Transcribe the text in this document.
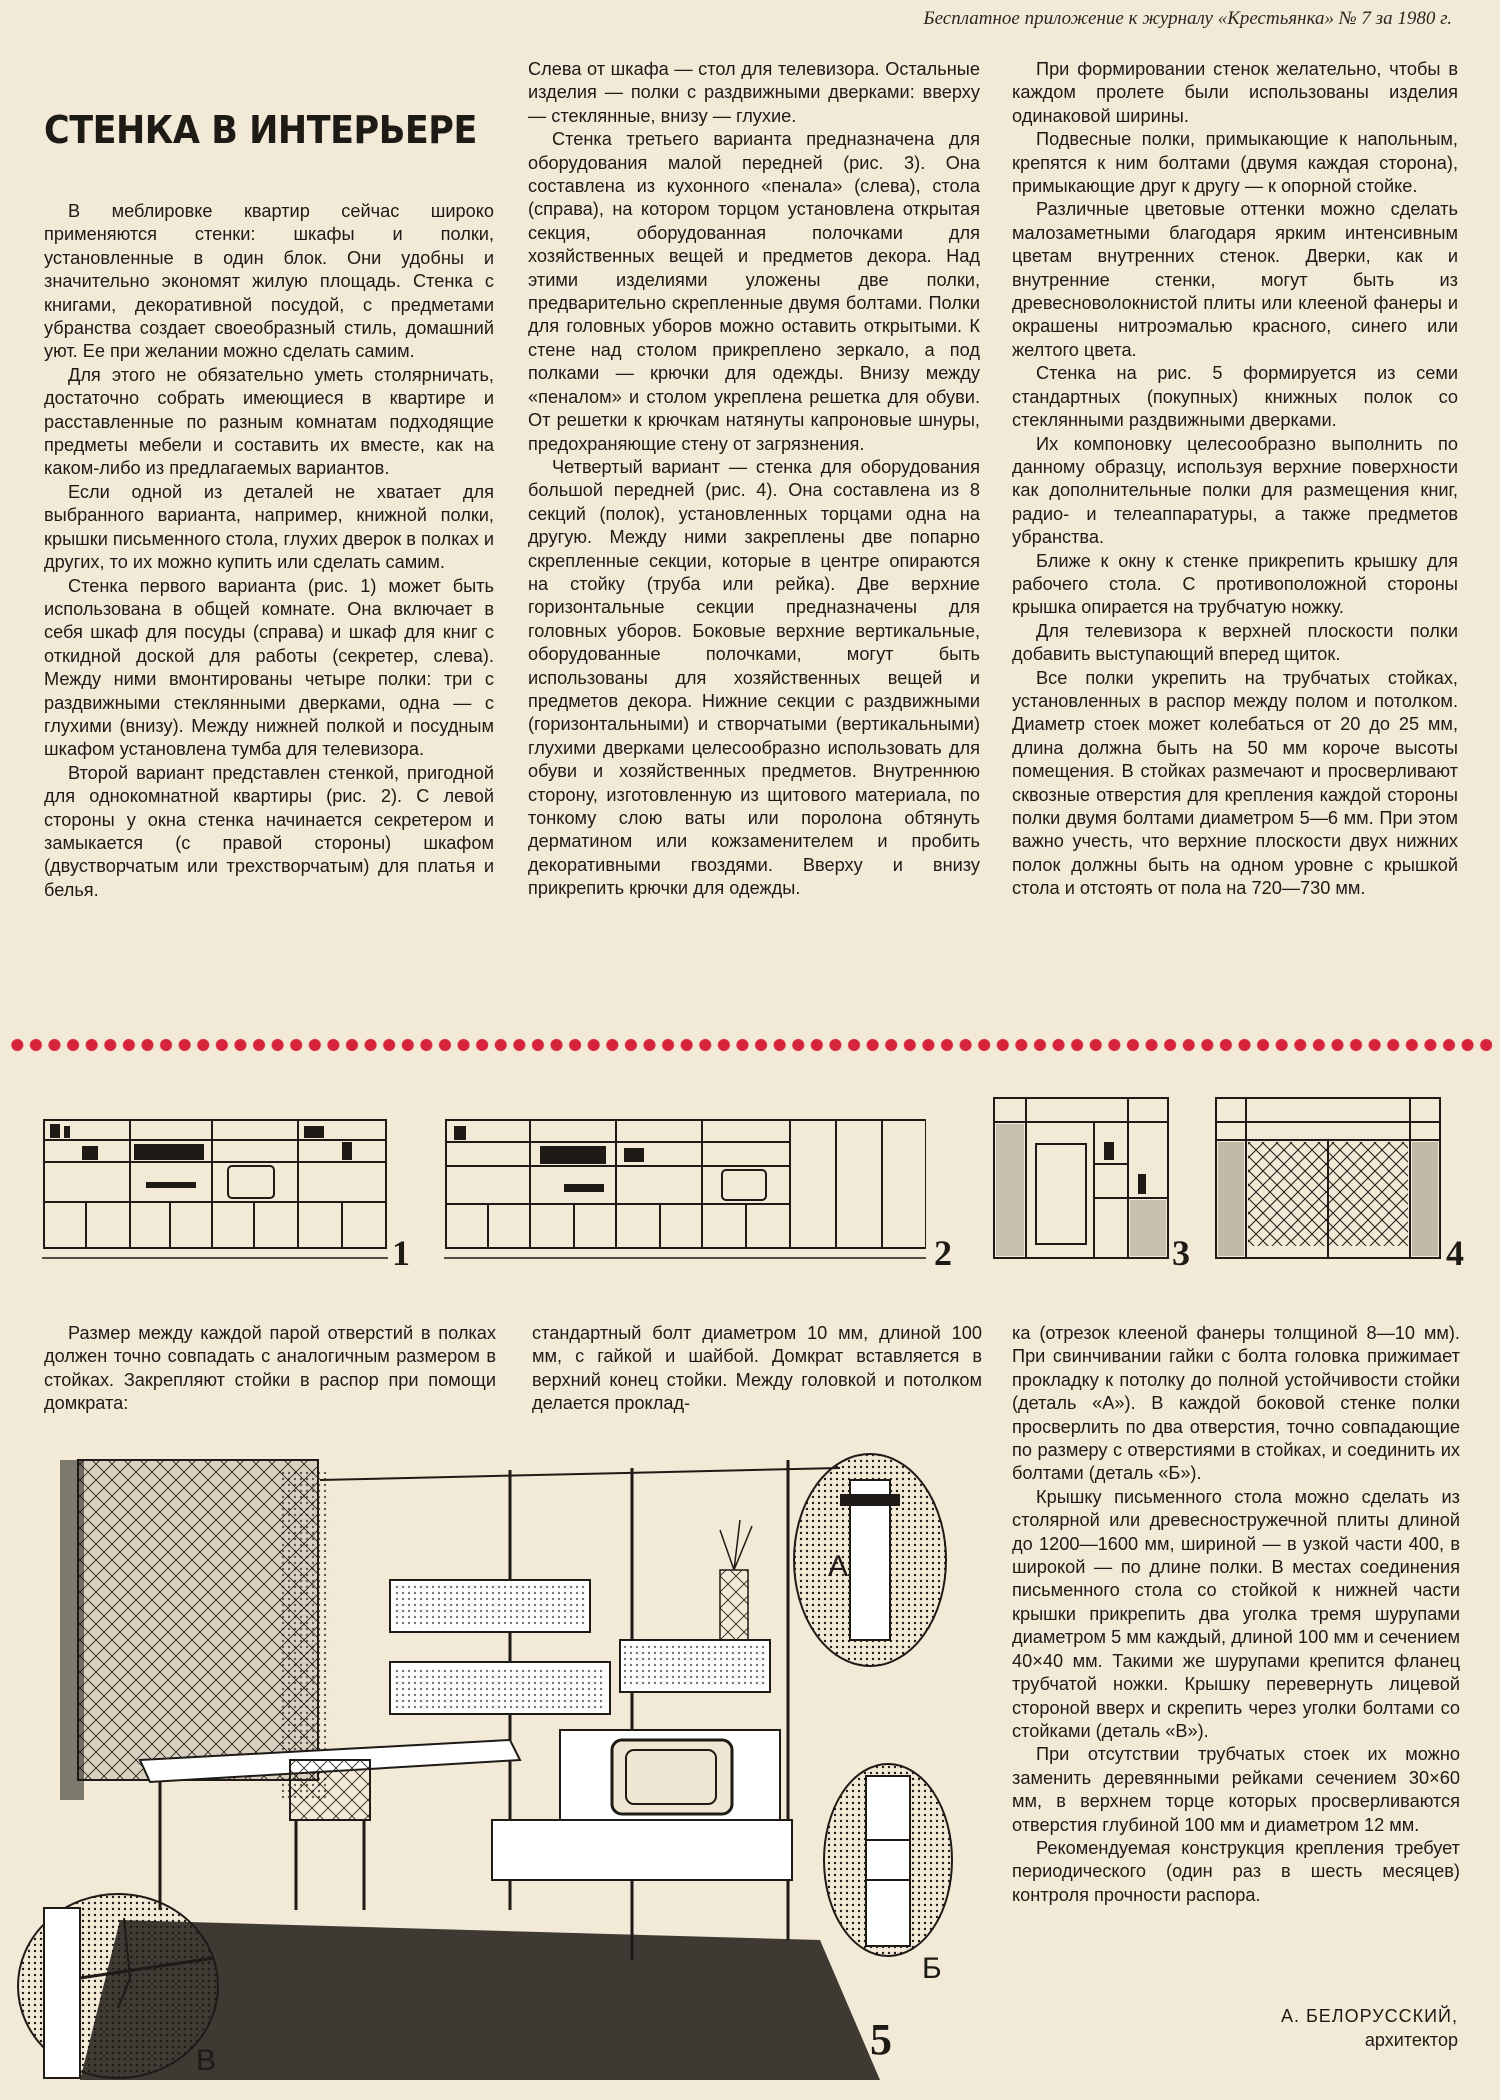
Бесплатное приложение к журналу «Крестьянка» № 7 за 1980 г.
СТЕНКА В ИНТЕРЬЕРЕ

В меблировке квартир сейчас широко применяются стенки: шкафы и полки, установленные в один блок. Они удобны и значительно экономят жилую площадь. Стенка с книгами, декоративной посудой, с предметами убранства создает своеобразный стиль, домашний уют. Ее при желании можно сделать самим.

Для этого не обязательно уметь столярничать, достаточно собрать имеющиеся в квартире и расставленные по разным комнатам подходящие предметы мебели и составить их вместе, как на каком-либо из предлагаемых вариантов.

Если одной из деталей не хватает для выбранного варианта, например, книжной полки, крышки письменного стола, глухих дверок в полках и других, то их можно купить или сделать самим.

Стенка первого варианта (рис. 1) может быть использована в общей комнате. Она включает в себя шкаф для посуды (справа) и шкаф для книг с откидной доской для работы (секретер, слева). Между ними вмонтированы четыре полки: три с раздвижными стеклянными дверками, одна — с глухими (внизу). Между нижней полкой и посудным шкафом установлена тумба для телевизора.

Второй вариант представлен стенкой, пригодной для однокомнатной квартиры (рис. 2). С левой стороны у окна стенка начинается секретером и замыкается (с правой стороны) шкафом (двустворчатым или трехстворчатым) для платья и белья.

Слева от шкафа — стол для телевизора. Остальные изделия — полки с раздвижными дверками: вверху — стеклянные, внизу — глухие.

Стенка третьего варианта предназначена для оборудования малой передней (рис. 3). Она составлена из кухонного «пенала» (слева), стола (справа), на котором торцом установлена открытая секция, оборудованная полочками для хозяйственных вещей и предметов декора. Над этими изделиями уложены две полки, предварительно скрепленные двумя болтами. Полки для головных уборов можно оставить открытыми. К стене над столом прикреплено зеркало, а под полками — крючки для одежды. Внизу между «пеналом» и столом укреплена решетка для обуви. От решетки к крючкам натянуты капроновые шнуры, предохраняющие стену от загрязнения.

Четвертый вариант — стенка для оборудования большой передней (рис. 4). Она составлена из 8 секций (полок), установленных торцами одна на другую. Между ними закреплены две попарно скрепленные секции, которые в центре опираются на стойку (труба или рейка). Две верхние горизонтальные секции предназначены для головных уборов. Боковые верхние вертикальные, оборудованные полочками, могут быть использованы для хозяйственных вещей и предметов декора. Нижние секции с раздвижными (горизонтальными) и створчатыми (вертикальными) глухими дверками целесообразно использовать для обуви и хозяйственных предметов. Внутреннюю сторону, изготовленную из щитового материала, по тонкому слою ваты или поролона обтянуть дерматином или кожзаменителем и пробить декоративными гвоздями. Вверху и внизу прикрепить крючки для одежды.

При формировании стенок желательно, чтобы в каждом пролете были использованы изделия одинаковой ширины.

Подвесные полки, примыкающие к напольным, крепятся к ним болтами (двумя каждая сторона), примыкающие друг к другу — к опорной стойке.

Различные цветовые оттенки можно сделать малозаметными благодаря ярким интенсивным цветам внутренних стенок. Дверки, как и внутренние стенки, могут быть из древесноволокнистой плиты или клееной фанеры и окрашены нитроэмалью красного, синего или желтого цвета.

Стенка на рис. 5 формируется из семи стандартных (покупных) книжных полок со стеклянными раздвижными дверками.

Их компоновку целесообразно выполнить по данному образцу, используя верхние поверхности как дополнительные полки для размещения книг, радио- и телеаппаратуры, а также предметов убранства.

Ближе к окну к стенке прикрепить крышку для рабочего стола. С противоположной стороны крышка опирается на трубчатую ножку.

Для телевизора к верхней плоскости полки добавить выступающий вперед щиток.

Все полки укрепить на трубчатых стойках, установленных в распор между полом и потолком. Диаметр стоек может колебаться от 20 до 25 мм, длина должна быть на 50 мм короче высоты помещения. В стойках размечают и просверливают сквозные отверстия для крепления каждой стороны полки двумя болтами диаметром 5—6 мм. При этом важно учесть, что верхние плоскости двух нижних полок должны быть на одном уровне с крышкой стола и отстоять от пола на 720—730 мм.

1	2	3	4

Размер между каждой парой отверстий в полках должен точно совпадать с аналогичным размером в стойках. Закрепляют стойки в распор при помощи домкрата:

стандартный болт диаметром 10 мм, длиной 100 мм, с гайкой и шайбой. Домкрат вставляется в верхний конец стойки. Между головкой и потолком делается проклад-

ка (отрезок клееной фанеры толщиной 8—10 мм). При свинчивании гайки с болта головка прижимает прокладку к потолку до полной устойчивости стойки (деталь «А»). В каждой боковой стенке полки просверлить по два отверстия, точно совпадающие по размеру с отверстиями в стойках, и соединить их болтами (деталь «Б»).

Крышку письменного стола можно сделать из столярной или древесностружечной плиты длиной до 1200—1600 мм, шириной — в узкой части 400, в широкой — по длине полки. В местах соединения письменного стола со стойкой к нижней части крышки прикрепить два уголка тремя шурупами диаметром 5 мм каждый, длиной 100 мм и сечением 40×40 мм. Такими же шурупами крепится фланец трубчатой ножки. Крышку перевернуть лицевой стороной вверх и скрепить через уголки болтами со стойками (деталь «В»).

При отсутствии трубчатых стоек их можно заменить деревянными рейками сечением 30×60 мм, в верхнем торце которых просверливаются отверстия глубиной 100 мм и диаметром 12 мм.

Рекомендуемая конструкция крепления требует периодического (один раз в шесть месяцев) контроля прочности распора.

А
Б
В	5	А. БЕЛОРУССКИЙ,
архитектор
